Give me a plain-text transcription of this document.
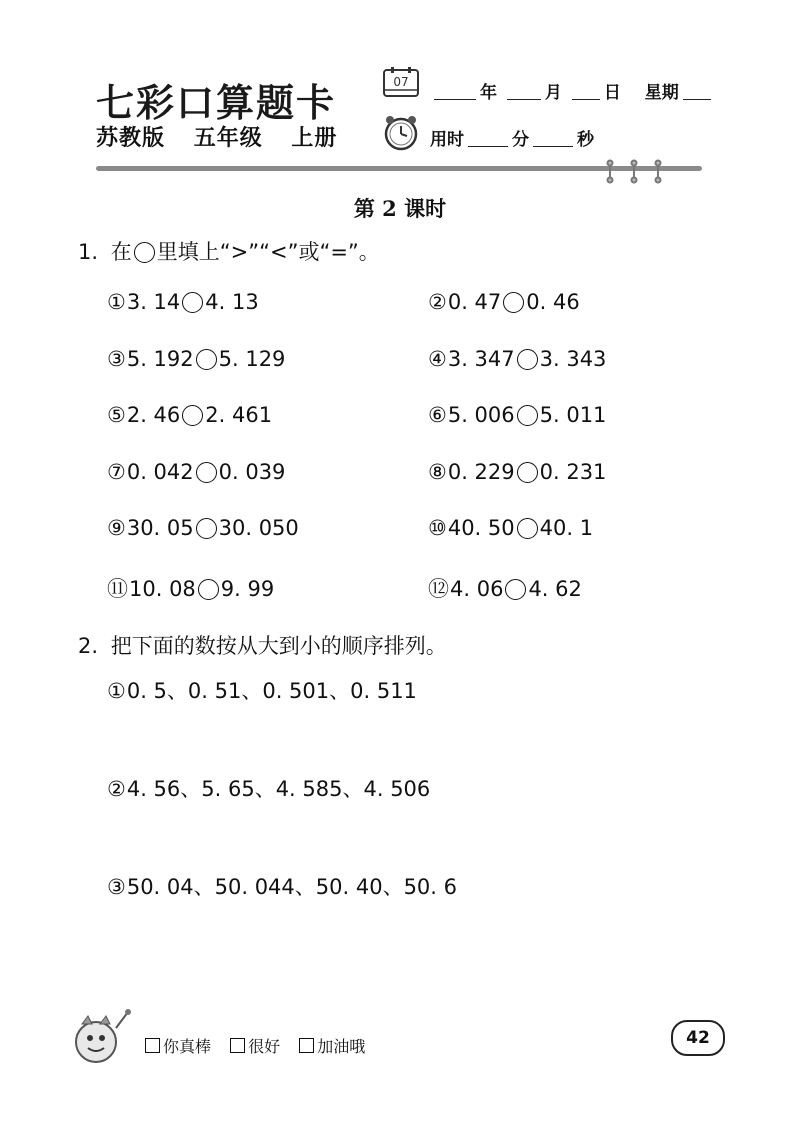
七彩口算题卡
苏教版 五年级 上册
07
年	月 日 星期
用时	分	秒
第 2 课时
1. 在 里填上“>”“<”或“=”。
①3. 14 4. 13	②0. 47 0. 46
③5. 192 5. 129	④3. 347 3. 343
⑤2. 46 2. 461	⑥5. 006 5. 011
⑦0. 042 0. 039	⑧0. 229 0. 231
⑨30. 05 30. 050	⑩40. 50 40. 1
⑪10. 08 9. 99	⑫4. 06 4. 62
2. 把下面的数按从大到小的顺序排列。
①0. 5、0. 51、0. 501、0. 511
②4. 56、5. 65、4. 585、4. 506
③50. 04、50. 044、50. 40、50. 6
你真棒 很好 加油哦	42
